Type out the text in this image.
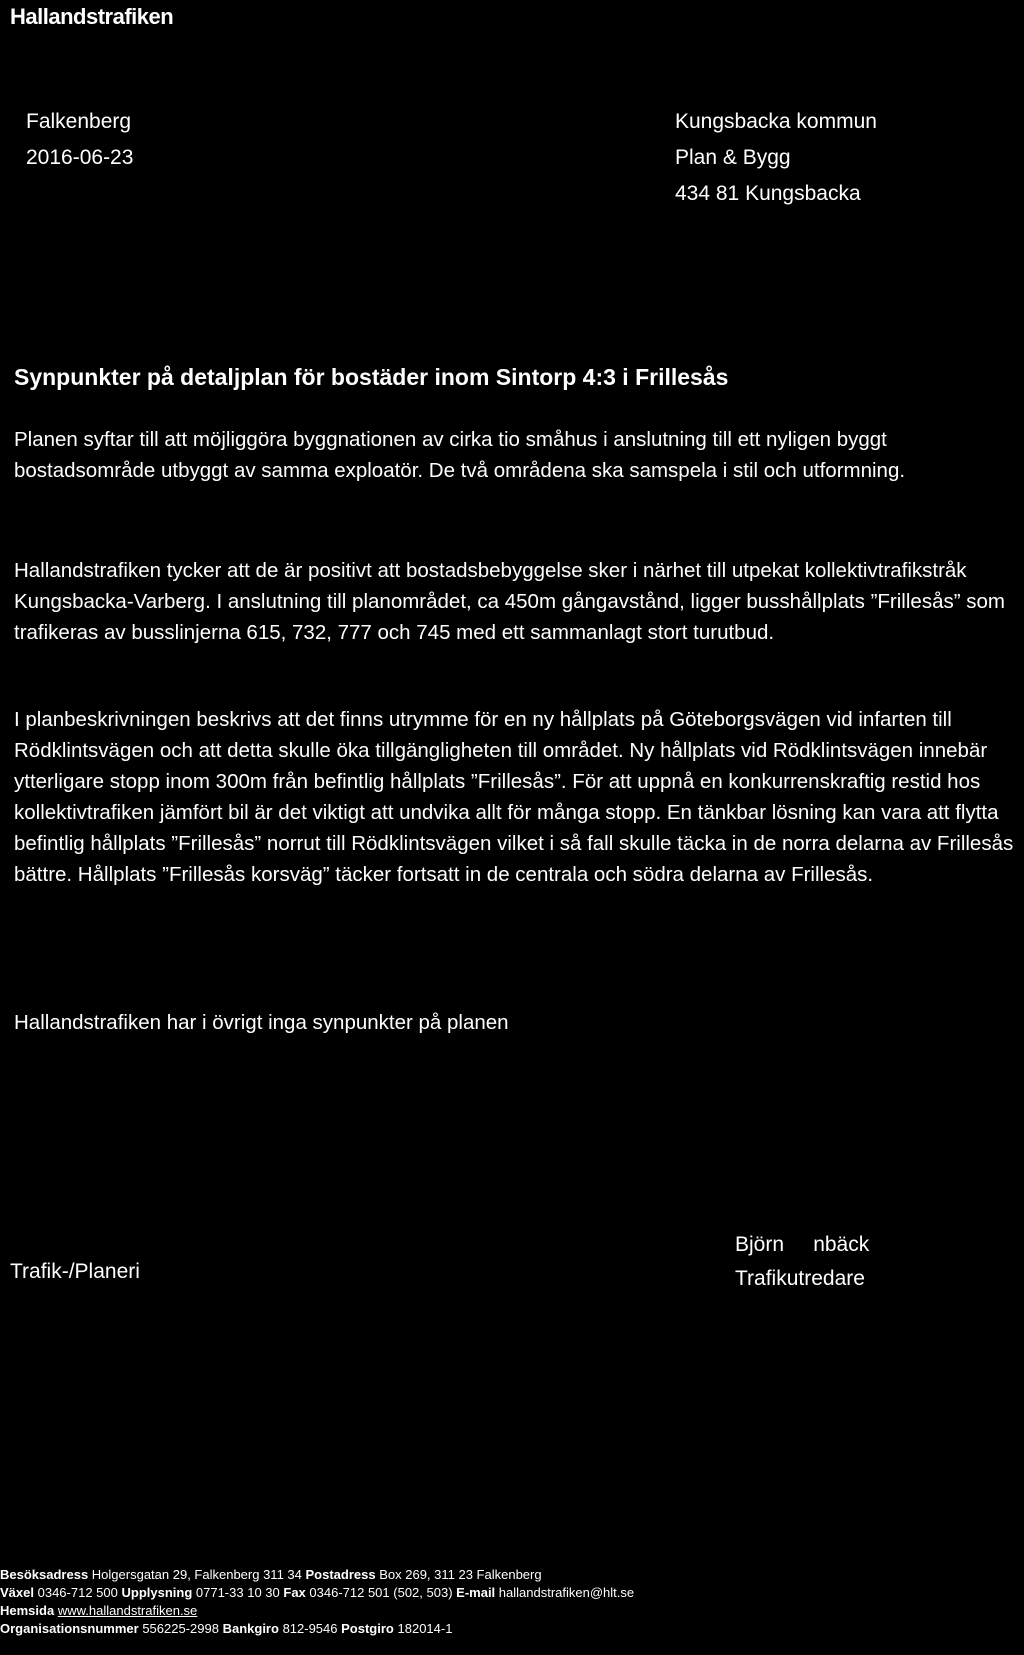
Hallandstrafiken
Falkenberg
2016-06-23
Kungsbacka kommun
Plan & Bygg
434 81 Kungsbacka
Synpunkter på detaljplan för bostäder inom Sintorp 4:3 i Frillesås

Planen syftar till att möjliggöra byggnationen av cirka tio småhus i anslutning till ett nyligen byggt bostadsområde utbyggt av samma exploatör. De två områdena ska samspela i stil och utformning.

Hallandstrafiken tycker att de är positivt att bostadsbebyggelse sker i närhet till utpekat kollektivtrafikstråk Kungsbacka-Varberg. I anslutning till planområdet, ca 450m gångavstånd, ligger busshållplats ”Frillesås” som trafikeras av busslinjerna 615, 732, 777 och 745 med ett sammanlagt stort turutbud.

I planbeskrivningen beskrivs att det finns utrymme för en ny hållplats på Göteborgsvägen vid infarten till Rödklintsvägen och att detta skulle öka tillgängligheten till området. Ny hållplats vid Rödklintsvägen innebär ytterligare stopp inom 300m från befintlig hållplats ”Frillesås”. För att uppnå en konkurrenskraftig restid hos kollektivtrafiken jämfört bil är det viktigt att undvika allt för många stopp. En tänkbar lösning kan vara att flytta befintlig hållplats ”Frillesås” norrut till Rödklintsvägen vilket i så fall skulle täcka in de norra delarna av Frillesås bättre. Hållplats ”Frillesås korsväg” täcker fortsatt in de centrala och södra delarna av Frillesås.

Hallandstrafiken har i övrigt inga synpunkter på planen

Trafik-/Planeri
Björn     nbäck
Trafikutredare
Besöksadress Holgersgatan 29, Falkenberg 311 34 Postadress Box 269, 311 23 Falkenberg
Växel 0346-712 500 Upplysning 0771-33 10 30 Fax 0346-712 501 (502, 503) E-mail hallandstrafiken@hlt.se
Hemsida www.hallandstrafiken.se
Organisationsnummer 556225-2998 Bankgiro 812-9546 Postgiro 182014-1
